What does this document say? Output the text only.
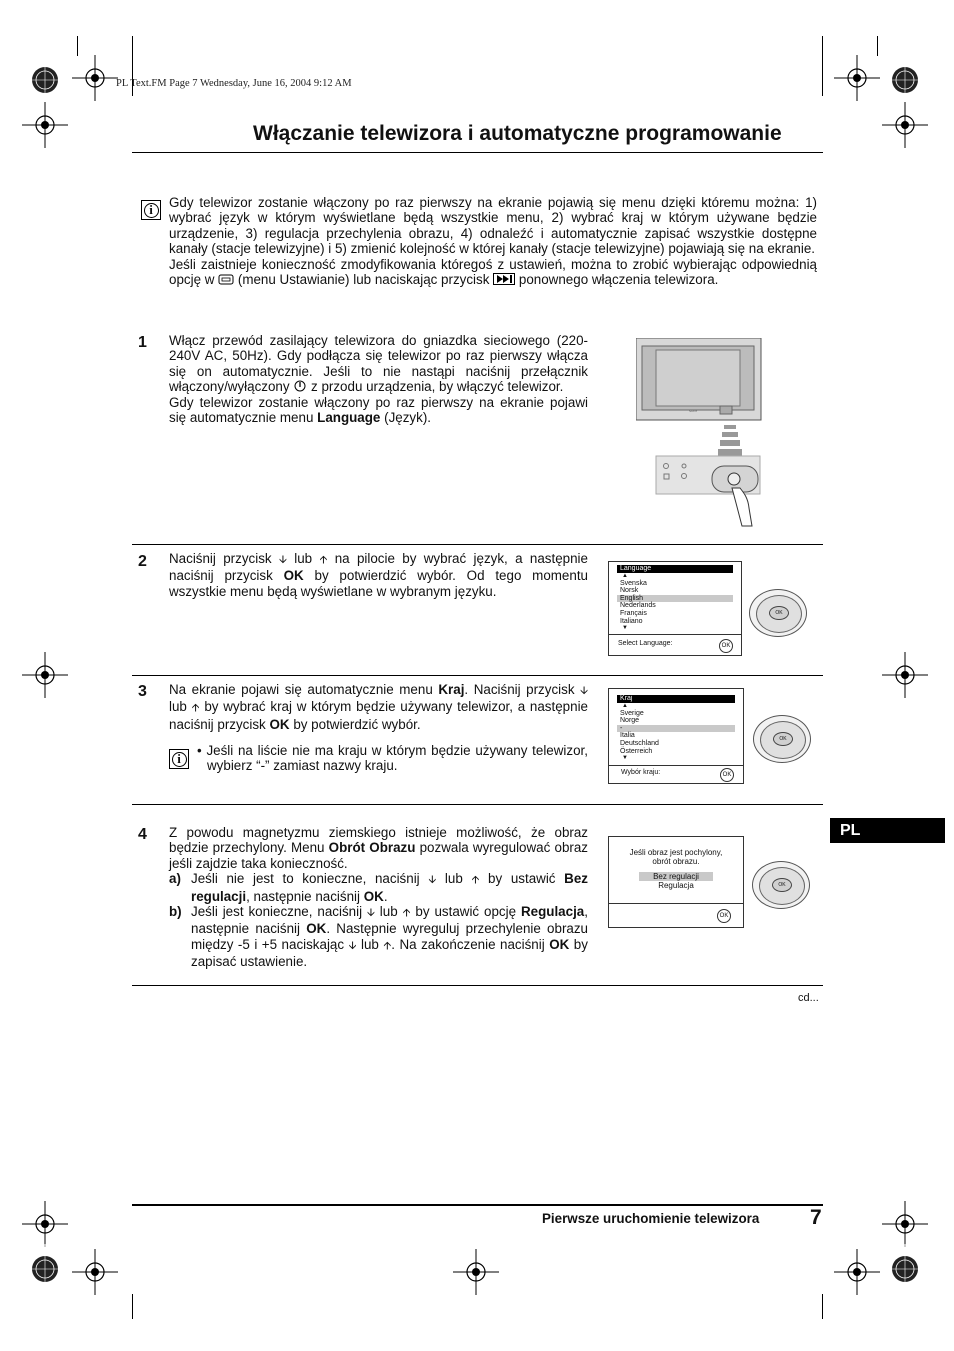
PL Text.FM Page 7 Wednesday, June 16, 2004 9:12 AM
Włączanie telewizora i automatyczne programowanie
i	Gdy telewizor zostanie włączony po raz pierwszy na ekranie pojawią się menu dzięki któremu można: 1) wybrać język w którym wyświetlane będą wszystkie menu, 2) wybrać kraj w którym używane będzie urządzenie, 3) regulacja przechylenia obrazu, 4) odnaleźć i automatycznie zapisać wszystkie dostępne kanały (stacje telewizyjne) i 5) zmienić kolejność w której kanały (stacje telewizyjne) pojawiają się na ekranie.

Jeśli zaistnieje konieczność zmodyfikowania któregoś z ustawień, można to zrobić wybierając odpowiednią opcję w (menu Ustawianie) lub naciskając przycisk ponownego włączenia telewizora.

1 Włącz przewód zasilający telewizora do gniazdka sieciowego (220-240V AC, 50Hz). Gdy podłącza się telewizor po raz pierwszy włącza się on automatycznie. Jeśli to nie nastąpi naciśnij przełącznik włączony/wyłączony z przodu urządzenia, by włączyć telewizor.

Gdy telewizor zostanie włączony po raz pierwszy na ekranie pojawi się automatycznie menu Language (Język).	SONY
2 Naciśnij przycisk 🡫 lub 🡩 na pilocie by wybrać język, a następnie naciśnij przycisk OK by potwierdzić wybór. Od tego momentu wszystkie menu będą wyświetlane w wybranym języku.

Language
▲
Svenska
Norsk
English
Nederlands
Français
Italiano
▼
Select Language:	OK
OK
3 Na ekranie pojawi się automatycznie menu Kraj. Naciśnij przycisk 🡫 lub 🡩 by wybrać kraj w którym będzie używany telewizor, a następnie naciśnij przycisk OK by potwierdzić wybór.

i

• Jeśli na liście nie ma kraju w którym będzie używany telewizor, wybierz “-” zamiast nazwy kraju.

Kraj
▲
Sverige
Norge
-
Italia
Deutschland
Österreich
▼
Wybór kraju:	OK
OK
PL
4 Z powodu magnetyzmu ziemskiego istnieje możliwość, że obraz będzie przechylony. Menu Obrót Obrazu pozwala wyregulować obraz jeśli zajdzie taka konieczność.

a) Jeśli nie jest to konieczne, naciśnij 🡫 lub 🡩 by ustawić Bez regulacji, następnie naciśnij OK.

b) Jeśli jest konieczne, naciśnij 🡫 lub 🡩 by ustawić opcję Regulacja, następnie naciśnij OK. Następnie wyreguluj przechylenie obrazu między -5 i +5 naciskając 🡫 lub 🡩. Na zakończenie naciśnij OK by zapisać ustawienie.

Jeśli obraz jest pochylony,
obrót obrazu.
Bez regulacji
Regulacja
OK
OK
cd...
Pierwsze uruchomienie telewizora 7
